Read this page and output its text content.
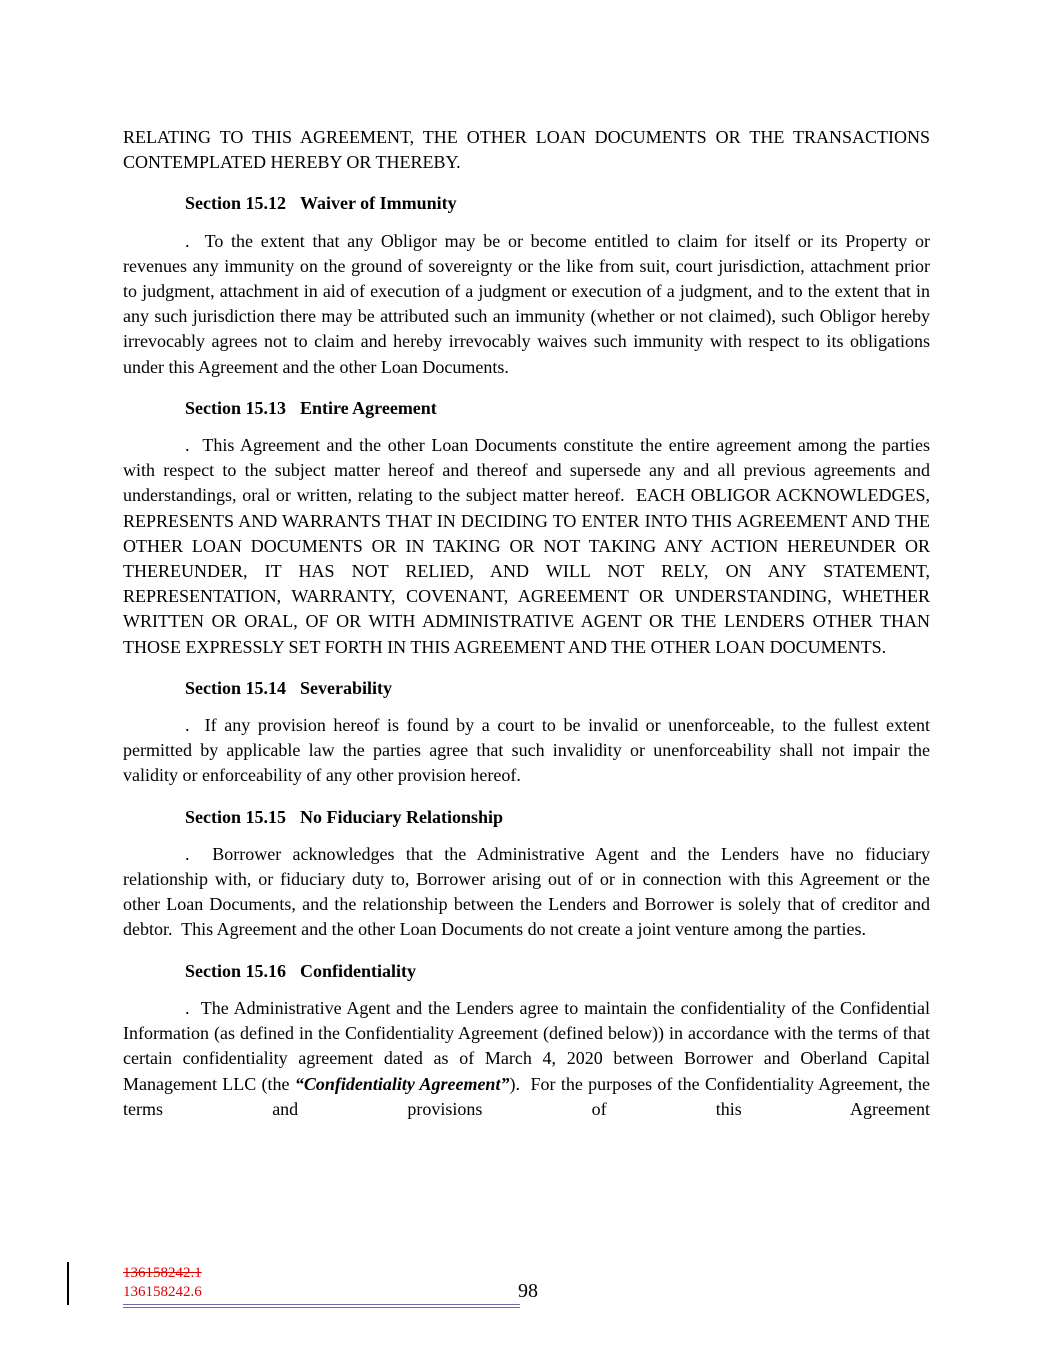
RELATING TO THIS AGREEMENT, THE OTHER LOAN DOCUMENTS OR THE TRANSACTIONS CONTEMPLATED HEREBY OR THEREBY.

Section 15.12 Waiver of Immunity

.  To the extent that any Obligor may be or become entitled to claim for itself or its Property or revenues any immunity on the ground of sovereignty or the like from suit, court jurisdiction, attachment prior to judgment, attachment in aid of execution of a judgment or execution of a judgment, and to the extent that in any such jurisdiction there may be attributed such an immunity (whether or not claimed), such Obligor hereby irrevocably agrees not to claim and hereby irrevocably waives such immunity with respect to its obligations under this Agreement and the other Loan Documents.

Section 15.13 Entire Agreement

.  This Agreement and the other Loan Documents constitute the entire agreement among the parties with respect to the subject matter hereof and thereof and supersede any and all previous agreements and understandings, oral or written, relating to the subject matter hereof.  EACH OBLIGOR ACKNOWLEDGES, REPRESENTS AND WARRANTS THAT IN DECIDING TO ENTER INTO THIS AGREEMENT AND THE OTHER LOAN DOCUMENTS OR IN TAKING OR NOT TAKING ANY ACTION HEREUNDER OR THEREUNDER, IT HAS NOT RELIED, AND WILL NOT RELY, ON ANY STATEMENT, REPRESENTATION, WARRANTY, COVENANT, AGREEMENT OR UNDERSTANDING, WHETHER WRITTEN OR ORAL, OF OR WITH ADMINISTRATIVE AGENT OR THE LENDERS OTHER THAN THOSE EXPRESSLY SET FORTH IN THIS AGREEMENT AND THE OTHER LOAN DOCUMENTS.

Section 15.14 Severability

.  If any provision hereof is found by a court to be invalid or unenforceable, to the fullest extent permitted by applicable law the parties agree that such invalidity or unenforceability shall not impair the validity or enforceability of any other provision hereof.

Section 15.15 No Fiduciary Relationship

.  Borrower acknowledges that the Administrative Agent and the Lenders have no fiduciary relationship with, or fiduciary duty to, Borrower arising out of or in connection with this Agreement or the other Loan Documents, and the relationship between the Lenders and Borrower is solely that of creditor and debtor.  This Agreement and the other Loan Documents do not create a joint venture among the parties.

Section 15.16 Confidentiality

.  The Administrative Agent and the Lenders agree to maintain the confidentiality of the Confidential Information (as defined in the Confidentiality Agreement (defined below)) in accordance with the terms of that certain confidentiality agreement dated as of March 4, 2020 between Borrower and Oberland Capital Management LLC (the “Confidentiality Agreement”).  For the purposes of the Confidentiality Agreement, the terms and provisions of this Agreement

136158242.1
136158242.6	98
